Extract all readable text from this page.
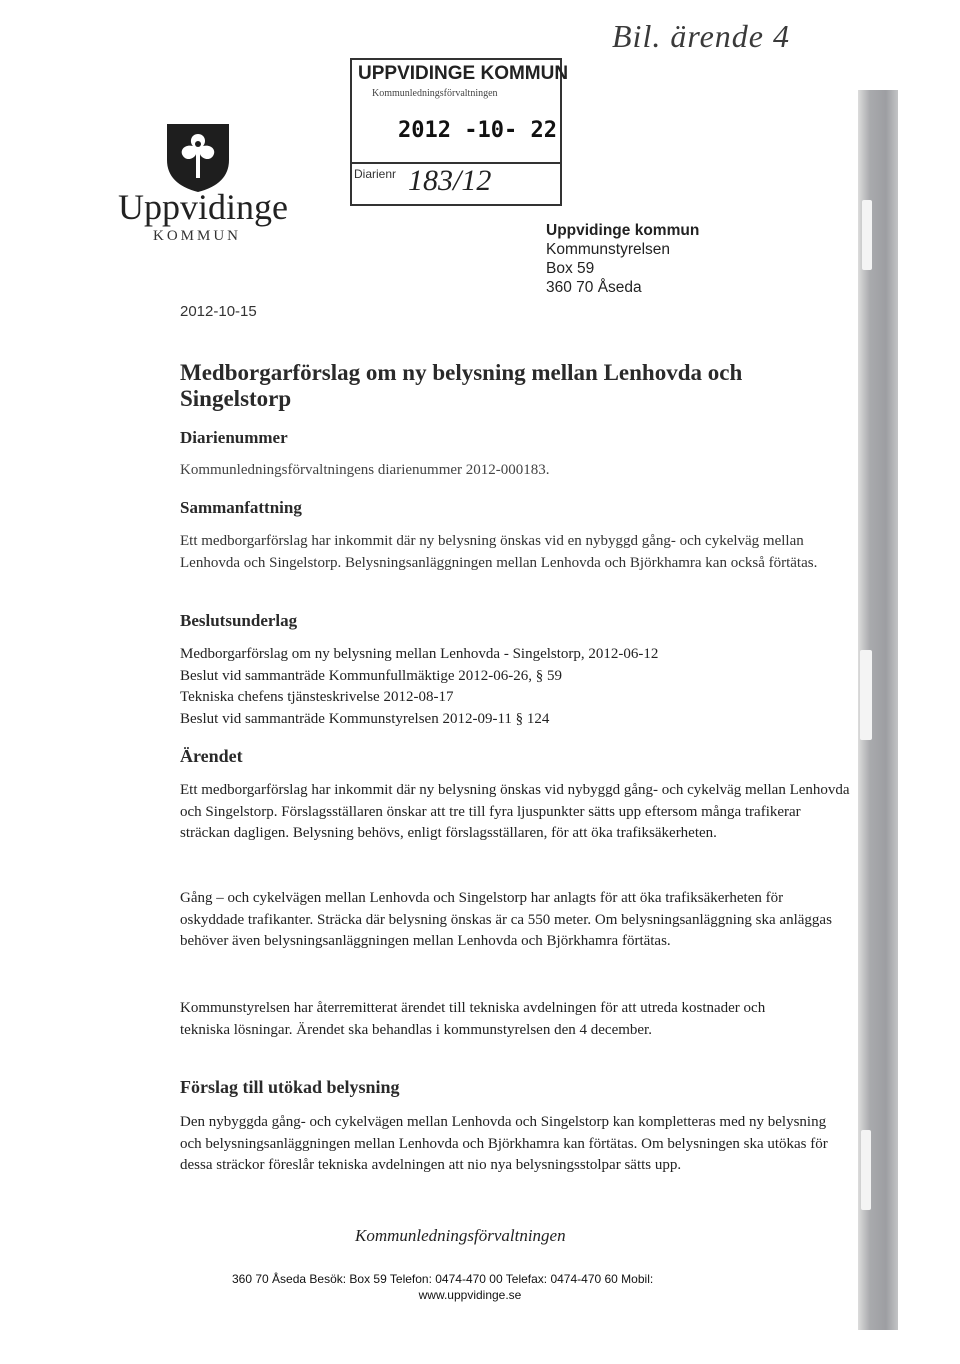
Bil. ärende 4
Uppvidinge
KOMMUN
UPPVIDINGE KOMMUN
Kommunledningsförvaltningen
2012 -10- 22
Diarienr 183/12
Uppvidinge kommun
Kommunstyrelsen
Box 59
360 70 Åseda
2012-10-15
Medborgarförslag om ny belysning mellan Lenhovda och Singelstorp
Diarienummer
Kommunledningsförvaltningens diarienummer 2012-000183.
Sammanfattning
Ett medborgarförslag har inkommit där ny belysning önskas vid en nybyggd gång- och cykelväg mellan Lenhovda och Singelstorp. Belysningsanläggningen mellan Lenhovda och Björkhamra kan också förtätas.
Beslutsunderlag
Medborgarförslag om ny belysning mellan Lenhovda - Singelstorp, 2012-06-12
Beslut vid sammanträde Kommunfullmäktige 2012-06-26, § 59
Tekniska chefens tjänsteskrivelse 2012-08-17
Beslut vid sammanträde Kommunstyrelsen 2012-09-11 § 124
Ärendet
Ett medborgarförslag har inkommit där ny belysning önskas vid nybyggd gång- och cykelväg mellan Lenhovda och Singelstorp. Förslagsställaren önskar att tre till fyra ljuspunkter sätts upp eftersom många trafikerar sträckan dagligen. Belysning behövs, enligt förslagsställaren, för att öka trafiksäkerheten.
Gång – och cykelvägen mellan Lenhovda och Singelstorp har anlagts för att öka trafiksäkerheten för oskyddade trafikanter. Sträcka där belysning önskas är ca 550 meter. Om belysningsanläggning ska anläggas behöver även belysningsanläggningen mellan Lenhovda och Björkhamra förtätas.
Kommunstyrelsen har återremitterat ärendet till tekniska avdelningen för att utreda kostnader och tekniska lösningar. Ärendet ska behandlas i kommunstyrelsen den 4 december.
Förslag till utökad belysning
Den nybyggda gång- och cykelvägen mellan Lenhovda och Singelstorp kan kompletteras med ny belysning och belysningsanläggningen mellan Lenhovda och Björkhamra kan förtätas. Om belysningen ska utökas för dessa sträckor föreslår tekniska avdelningen att nio nya belysningsstolpar sätts upp.
Kommunledningsförvaltningen
360 70 Åseda Besök: Box 59 Telefon: 0474-470 00 Telefax: 0474-470 60 Mobil:
www.uppvidinge.se
